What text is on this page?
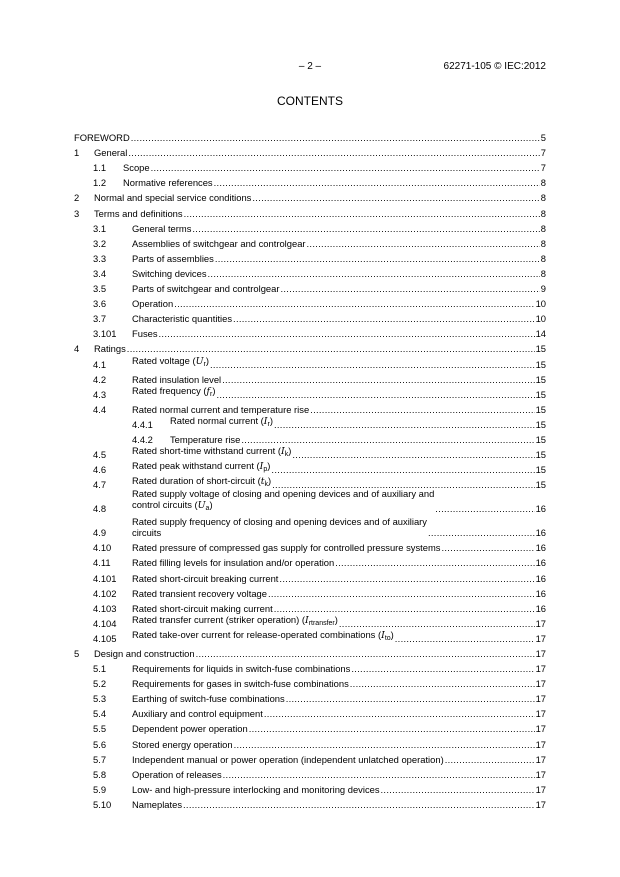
– 2 –	62271-105 © IEC:2012
CONTENTS
FOREWORD .....	5
1 General .....	7
1.1 Scope .....	7
1.2 Normative references .....	8
2 Normal and special service conditions .....	8
3 Terms and definitions .....	8
3.1	General terms .....	8
3.2	Assemblies of switchgear and controlgear .....	8
3.3	Parts of assemblies .....	8
3.4	Switching devices .....	8
3.5	Parts of switchgear and controlgear .....	9
3.6	Operation .....	10
3.7	Characteristic quantities .....	10
3.101 Fuses .....	14
4 Ratings .....	15
4.1	Rated voltage $(U_r)$ .....	15
4.2	Rated insulation level .....	15
4.3	Rated frequency $(f_r)$ .....	15
4.4	Rated normal current and temperature rise .....	15
4.4.1 Rated normal current $(I_r)$ .....	15
4.4.2 Temperature rise .....	15
4.5	Rated short-time withstand current $(I_k)$ .....	15
4.6	Rated peak withstand current $(I_p)$ .....	15
4.7	Rated duration of short-circuit $(t_k)$ .....	15
4.8
Rated supply voltage of closing and opening devices and of auxiliary and
control circuits $(U_a)$ .....	16
4.9
Rated supply frequency of closing and opening devices and of auxiliary
circuits .....	16
4.10 Rated pressure of compressed gas supply for controlled pressure systems .....	16
4.11 Rated filling levels for insulation and/or operation .....	16
4.101 Rated short-circuit breaking current .....	16
4.102 Rated transient recovery voltage .....	16
4.103 Rated short-circuit making current .....	16
4.104 Rated transfer current (striker operation) $(I_{rtransfer})$ .....	17
4.105 Rated take-over current for release-operated combinations $(I_{to})$ .....	17
5 Design and construction .....	17
5.1	Requirements for liquids in switch-fuse combinations .....	17
5.2	Requirements for gases in switch-fuse combinations .....	17
5.3	Earthing of switch-fuse combinations .....	17
5.4	Auxiliary and control equipment .....	17
5.5	Dependent power operation .....	17
5.6	Stored energy operation .....	17
5.7	Independent manual or power operation (independent unlatched operation) .....	17
5.8	Operation of releases .....	17
5.9	Low- and high-pressure interlocking and monitoring devices .....	17
5.10 Nameplates .....	17
